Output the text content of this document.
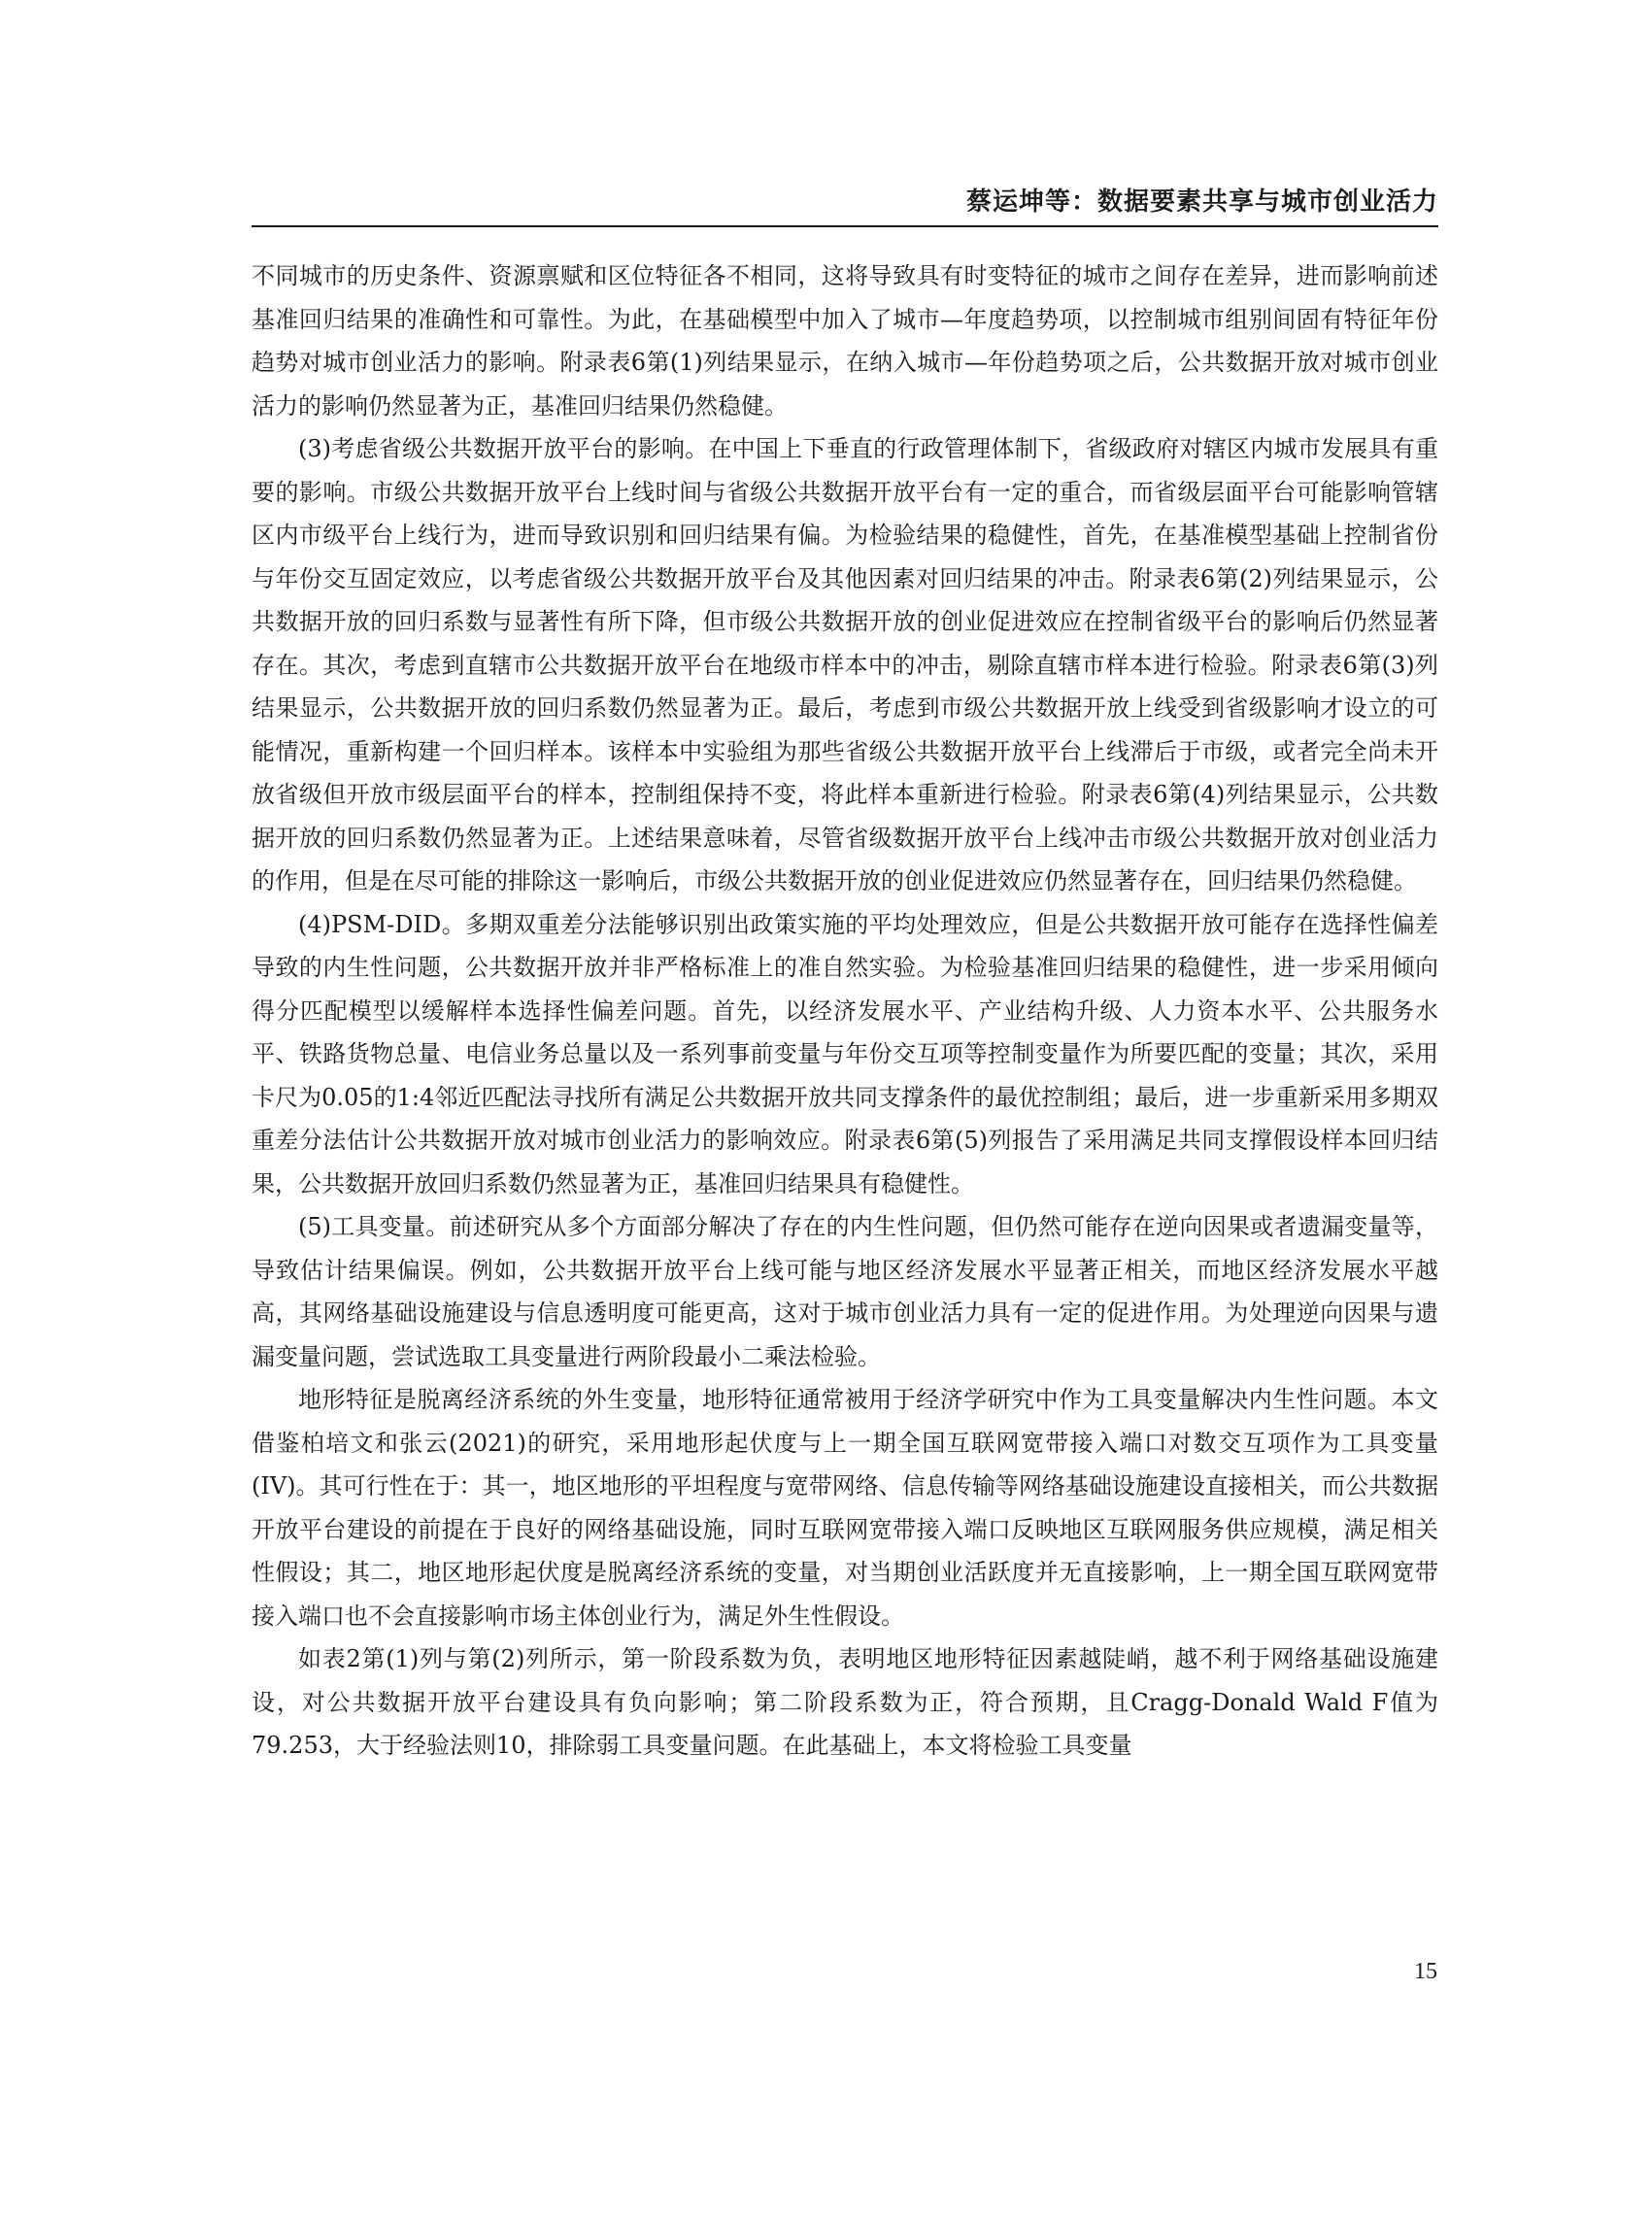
蔡运坤等：数据要素共享与城市创业活力

不同城市的历史条件、资源禀赋和区位特征各不相同，这将导致具有时变特征的城市之间存在差异，进而影响前述基准回归结果的准确性和可靠性。为此，在基础模型中加入了城市—年度趋势项，以控制城市组别间固有特征年份趋势对城市创业活力的影响。附录表6第(1)列结果显示，在纳入城市—年份趋势项之后，公共数据开放对城市创业活力的影响仍然显著为正，基准回归结果仍然稳健。

(3)考虑省级公共数据开放平台的影响。在中国上下垂直的行政管理体制下，省级政府对辖区内城市发展具有重要的影响。市级公共数据开放平台上线时间与省级公共数据开放平台有一定的重合，而省级层面平台可能影响管辖区内市级平台上线行为，进而导致识别和回归结果有偏。为检验结果的稳健性，首先，在基准模型基础上控制省份与年份交互固定效应，以考虑省级公共数据开放平台及其他因素对回归结果的冲击。附录表6第(2)列结果显示，公共数据开放的回归系数与显著性有所下降，但市级公共数据开放的创业促进效应在控制省级平台的影响后仍然显著存在。其次，考虑到直辖市公共数据开放平台在地级市样本中的冲击，剔除直辖市样本进行检验。附录表6第(3)列结果显示，公共数据开放的回归系数仍然显著为正。最后，考虑到市级公共数据开放上线受到省级影响才设立的可能情况，重新构建一个回归样本。该样本中实验组为那些省级公共数据开放平台上线滞后于市级，或者完全尚未开放省级但开放市级层面平台的样本，控制组保持不变，将此样本重新进行检验。附录表6第(4)列结果显示，公共数据开放的回归系数仍然显著为正。上述结果意味着，尽管省级数据开放平台上线冲击市级公共数据开放对创业活力的作用，但是在尽可能的排除这一影响后，市级公共数据开放的创业促进效应仍然显著存在，回归结果仍然稳健。

(4)PSM-DID。多期双重差分法能够识别出政策实施的平均处理效应，但是公共数据开放可能存在选择性偏差导致的内生性问题，公共数据开放并非严格标准上的准自然实验。为检验基准回归结果的稳健性，进一步采用倾向得分匹配模型以缓解样本选择性偏差问题。首先，以经济发展水平、产业结构升级、人力资本水平、公共服务水平、铁路货物总量、电信业务总量以及一系列事前变量与年份交互项等控制变量作为所要匹配的变量；其次，采用卡尺为0.05的1:4邻近匹配法寻找所有满足公共数据开放共同支撑条件的最优控制组；最后，进一步重新采用多期双重差分法估计公共数据开放对城市创业活力的影响效应。附录表6第(5)列报告了采用满足共同支撑假设样本回归结果，公共数据开放回归系数仍然显著为正，基准回归结果具有稳健性。

(5)工具变量。前述研究从多个方面部分解决了存在的内生性问题，但仍然可能存在逆向因果或者遗漏变量等，导致估计结果偏误。例如，公共数据开放平台上线可能与地区经济发展水平显著正相关，而地区经济发展水平越高，其网络基础设施建设与信息透明度可能更高，这对于城市创业活力具有一定的促进作用。为处理逆向因果与遗漏变量问题，尝试选取工具变量进行两阶段最小二乘法检验。

地形特征是脱离经济系统的外生变量，地形特征通常被用于经济学研究中作为工具变量解决内生性问题。本文借鉴柏培文和张云(2021)的研究，采用地形起伏度与上一期全国互联网宽带接入端口对数交互项作为工具变量(IV)。其可行性在于：其一，地区地形的平坦程度与宽带网络、信息传输等网络基础设施建设直接相关，而公共数据开放平台建设的前提在于良好的网络基础设施，同时互联网宽带接入端口反映地区互联网服务供应规模，满足相关性假设；其二，地区地形起伏度是脱离经济系统的变量，对当期创业活跃度并无直接影响，上一期全国互联网宽带接入端口也不会直接影响市场主体创业行为，满足外生性假设。

如表2第(1)列与第(2)列所示，第一阶段系数为负，表明地区地形特征因素越陡峭，越不利于网络基础设施建设，对公共数据开放平台建设具有负向影响；第二阶段系数为正，符合预期，且Cragg-Donald Wald F值为79.253，大于经验法则10，排除弱工具变量问题。在此基础上，本文将检验工具变量

15
